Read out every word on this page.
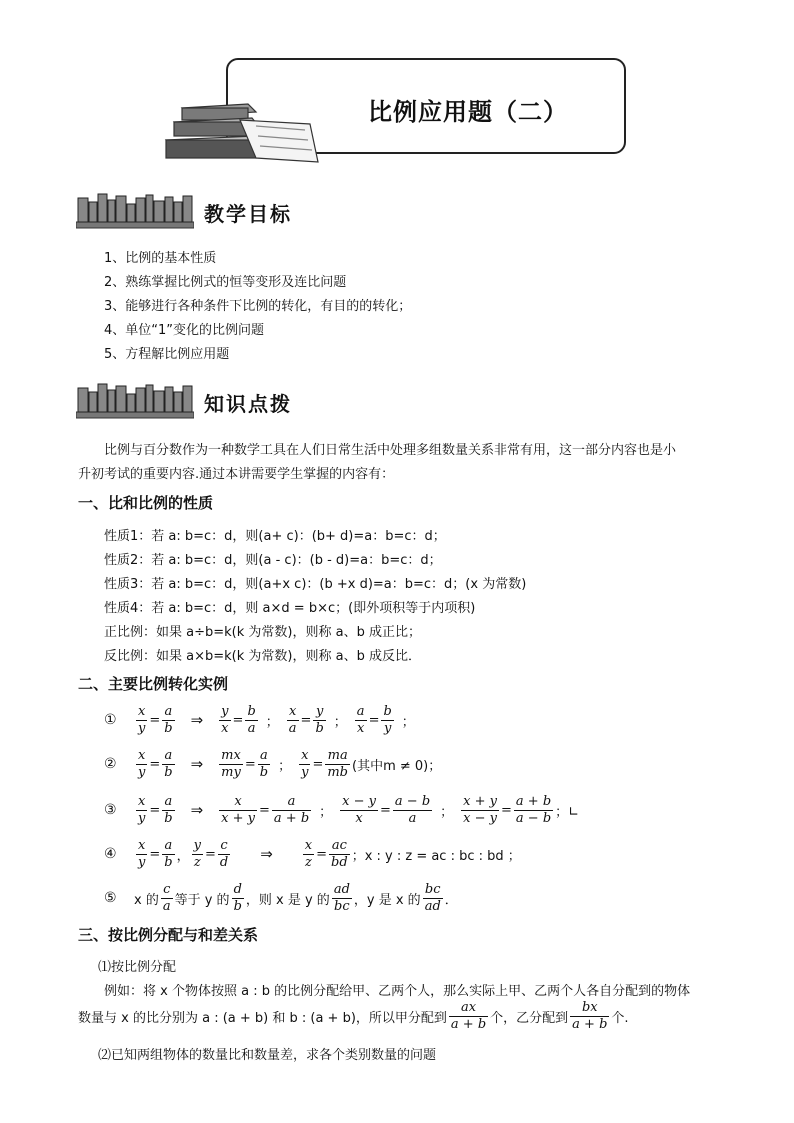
比例应用题（二）
教学目标
1、比例的基本性质
2、熟练掌握比例式的恒等变形及连比问题
3、能够进行各种条件下比例的转化，有目的的转化；
4、单位“1”变化的比例问题
5、方程解比例应用题
知识点拨
比例与百分数作为一种数学工具在人们日常生活中处理多组数量关系非常有用，这一部分内容也是小
升初考试的重要内容.通过本讲需要学生掌握的内容有：
一、比和比例的性质
性质1：若 a: b=c：d，则(a+ c)：(b+ d)=a：b=c：d；
性质2：若 a: b=c：d，则(a - c)：(b - d)=a：b=c：d；
性质3：若 a: b=c：d，则(a+x c)：(b +x d)=a：b=c：d；(x 为常数)
性质4：若 a: b=c：d，则 a×d = b×c；(即外项积等于内项积)
正比例：如果 a÷b=k(k 为常数)，则称 a、b 成正比；
反比例：如果 a×b=k(k 为常数)，则称 a、b 成反比．
二、主要比例转化实例
①	$\frac{x}{y} = \frac{a}{b}$ ⇒ $\frac{y}{x} = \frac{b}{a}$ ； $\frac{x}{a} = \frac{y}{b}$ ； $\frac{a}{x} = \frac{b}{y}$ ；
②	$\frac{x}{y} = \frac{a}{b}$ ⇒ $\frac{mx}{my} = \frac{a}{b}$ ； $\frac{x}{y} = \frac{ma}{mb}$ (其中m ≠ 0)；
③	$\frac{x}{y} = \frac{a}{b}$ ⇒ $\frac{x}{x + y} = \frac{a}{a + b}$ ； $\frac{x - y}{x} = \frac{a - b}{a}$ ； $\frac{x + y}{x - y} = \frac{a + b}{a - b}$ ；∟
④	$\frac{x}{y} = \frac{a}{b}$ ， $\frac{y}{z} = \frac{c}{d}$ ⇒ $\frac{x}{z} = \frac{ac}{bd}$ ；x : y : z = ac : bc : bd ；
⑤	x 的 $\frac{c}{a}$ 等于 y 的 $\frac{d}{b}$ ，则 x 是 y 的 $\frac{ad}{bc}$ ，y 是 x 的 $\frac{bc}{ad}$ ．
三、按比例分配与和差关系
⑴按比例分配
例如：将 x 个物体按照 a : b 的比例分配给甲、乙两个人，那么实际上甲、乙两个人各自分配到的物体
数量与 x 的比分别为 a : (a + b) 和 b : (a + b)，所以甲分配到 $\frac{ax}{a + b}$ 个，乙分配到 $\frac{bx}{a + b}$ 个.
⑵已知两组物体的数量比和数量差，求各个类别数量的问题
